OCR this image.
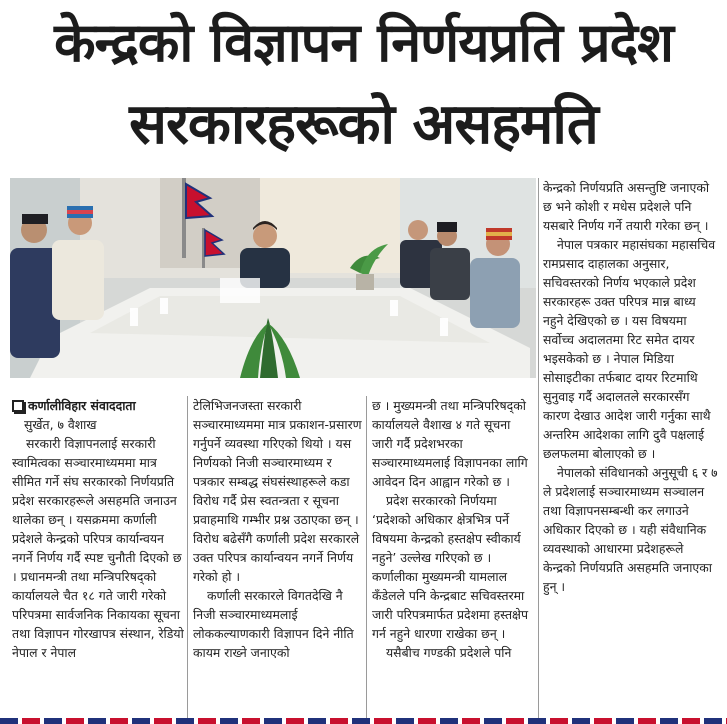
केन्द्रको विज्ञापन निर्णयप्रति प्रदेश
सरकारहरूको असहमति
कर्णालीविहार संवाददाता
सुर्खेत, ७ वैशाख

सरकारी विज्ञापनलाई सरकारी स्वामित्वका सञ्चारमाध्यममा मात्र सीमित गर्ने संघ सरकारको निर्णयप्रति प्रदेश सरकारहरूले असहमति जनाउन थालेका छन् । यसक्रममा कर्णाली प्रदेशले केन्द्रको परिपत्र कार्यान्वयन नगर्ने निर्णय गर्दै स्पष्ट चुनौती दिएको छ । प्रधानमन्त्री तथा मन्त्रिपरिषद्को कार्यालयले चैत १८ गते जारी गरेको परिपत्रमा सार्वजनिक निकायका सूचना तथा विज्ञापन गोरखापत्र संस्थान, रेडियो नेपाल र नेपाल

टेलिभिजनजस्ता सरकारी सञ्चारमाध्यममा मात्र प्रकाशन-प्रसारण गर्नुपर्ने व्यवस्था गरिएको थियो । यस निर्णयको निजी सञ्चारमाध्यम र पत्रकार सम्बद्ध संघसंस्थाहरूले कडा विरोध गर्दै प्रेस स्वतन्त्रता र सूचना प्रवाहमाथि गम्भीर प्रश्न उठाएका छन् । विरोध बढेसँगै कर्णाली प्रदेश सरकारले उक्त परिपत्र कार्यान्वयन नगर्ने निर्णय गरेको हो ।

कर्णाली सरकारले विगतदेखि नै निजी सञ्चारमाध्यमलाई लोककल्याणकारी विज्ञापन दिने नीति कायम राख्ने जनाएको

छ । मुख्यमन्त्री तथा मन्त्रिपरिषद्को कार्यालयले वैशाख ४ गते सूचना जारी गर्दै प्रदेशभरका सञ्चारमाध्यमलाई विज्ञापनका लागि आवेदन दिन आह्वान गरेको छ ।

प्रदेश सरकारको निर्णयमा ‘प्रदेशको अधिकार क्षेत्रभित्र पर्ने विषयमा केन्द्रको हस्तक्षेप स्वीकार्य नहुने’ उल्लेख गरिएको छ । कर्णालीका मुख्यमन्त्री यामलाल कँडेलले पनि केन्द्रबाट सचिवस्तरमा जारी परिपत्रमार्फत प्रदेशमा हस्तक्षेप गर्न नहुने धारणा राखेका छन् ।

यसैबीच गण्डकी प्रदेशले पनि

केन्द्रको निर्णयप्रति असन्तुष्टि जनाएको छ भने कोशी र मधेस प्रदेशले पनि यसबारे निर्णय गर्ने तयारी गरेका छन् ।

नेपाल पत्रकार महासंघका महासचिव रामप्रसाद दाहालका अनुसार, सचिवस्तरको निर्णय भएकाले प्रदेश सरकारहरू उक्त परिपत्र मान्न बाध्य नहुने देखिएको छ । यस विषयमा सर्वोच्च अदालतमा रिट समेत दायर भइसकेको छ । नेपाल मिडिया सोसाइटीका तर्फबाट दायर रिटमाथि सुनुवाइ गर्दै अदालतले सरकारसँग कारण देखाउ आदेश जारी गर्नुका साथै अन्तरिम आदेशका लागि दुवै पक्षलाई छलफलमा बोलाएको छ ।

नेपालको संविधानको अनुसूची ६ र ७ ले प्रदेशलाई सञ्चारमाध्यम सञ्चालन तथा विज्ञापनसम्बन्धी कर लगाउने अधिकार दिएको छ । यही संवैधानिक व्यवस्थाको आधारमा प्रदेशहरूले केन्द्रको निर्णयप्रति असहमति जनाएका हुन् ।
